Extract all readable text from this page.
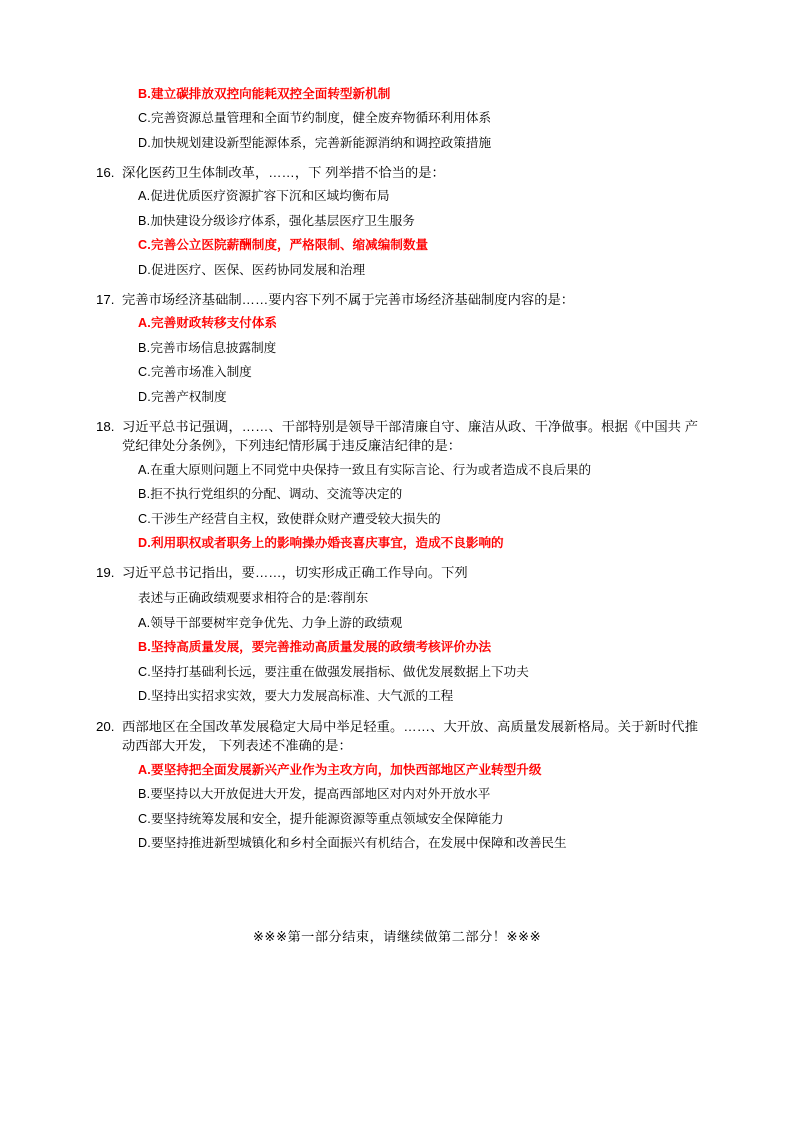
B.建立碳排放双控向能耗双控全面转型新机制
C.完善资源总量管理和全面节约制度，健全废弃物循环利用体系
D.加快规划建设新型能源体系，完善新能源消纳和调控政策措施
16. 深化医药卫生体制改革，……，下 列举措不恰当的是：
A.促进优质医疗资源扩容下沉和区域均衡布局
B.加快建设分级诊疗体系，强化基层医疗卫生服务
C.完善公立医院薪酬制度，严格限制、缩减编制数量
D.促进医疗、医保、医药协同发展和治理
17. 完善市场经济基础制……要内容下列不属于完善市场经济基础制度内容的是：
A.完善财政转移支付体系
B.完善市场信息披露制度
C.完善市场准入制度
D.完善产权制度
18. 习近平总书记强调，……、干部特别是领导干部清廉自守、廉洁从政、干净做事。根据《中国共 产党纪律处分条例》，下列违纪情形属于违反廉洁纪律的是：
A.在重大原则问题上不同党中央保持一致且有实际言论、行为或者造成不良后果的
B.拒不执行党组织的分配、调动、交流等决定的
C.干涉生产经营自主权，致使群众财产遭受较大损失的
D.利用职权或者职务上的影响操办婚丧喜庆事宜，造成不良影响的
19. 习近平总书记指出，要……，切实形成正确工作导向。下列
表述与正确政绩观要求相符合的是:蓉削东
A.领导干部要树牢竞争优先、力争上游的政绩观
B.坚持高质量发展，要完善推动高质量发展的政绩考核评价办法
C.坚持打基础利长远，要注重在做强发展指标、做优发展数据上下功夫
D.坚持出实招求实效，要大力发展高标准、大气派的工程
20. 西部地区在全国改革发展稳定大局中举足轻重。……、大开放、高质量发展新格局。关于新时代推动西部大开发， 下列表述不准确的是：
A.要坚持把全面发展新兴产业作为主攻方向，加快西部地区产业转型升级
B.要坚持以大开放促进大开发，提高西部地区对内对外开放水平
C.要坚持统筹发展和安全，提升能源资源等重点领域安全保障能力
D.要坚持推进新型城镇化和乡村全面振兴有机结合，在发展中保障和改善民生
※※※第一部分结束，请继续做第二部分！※※※
